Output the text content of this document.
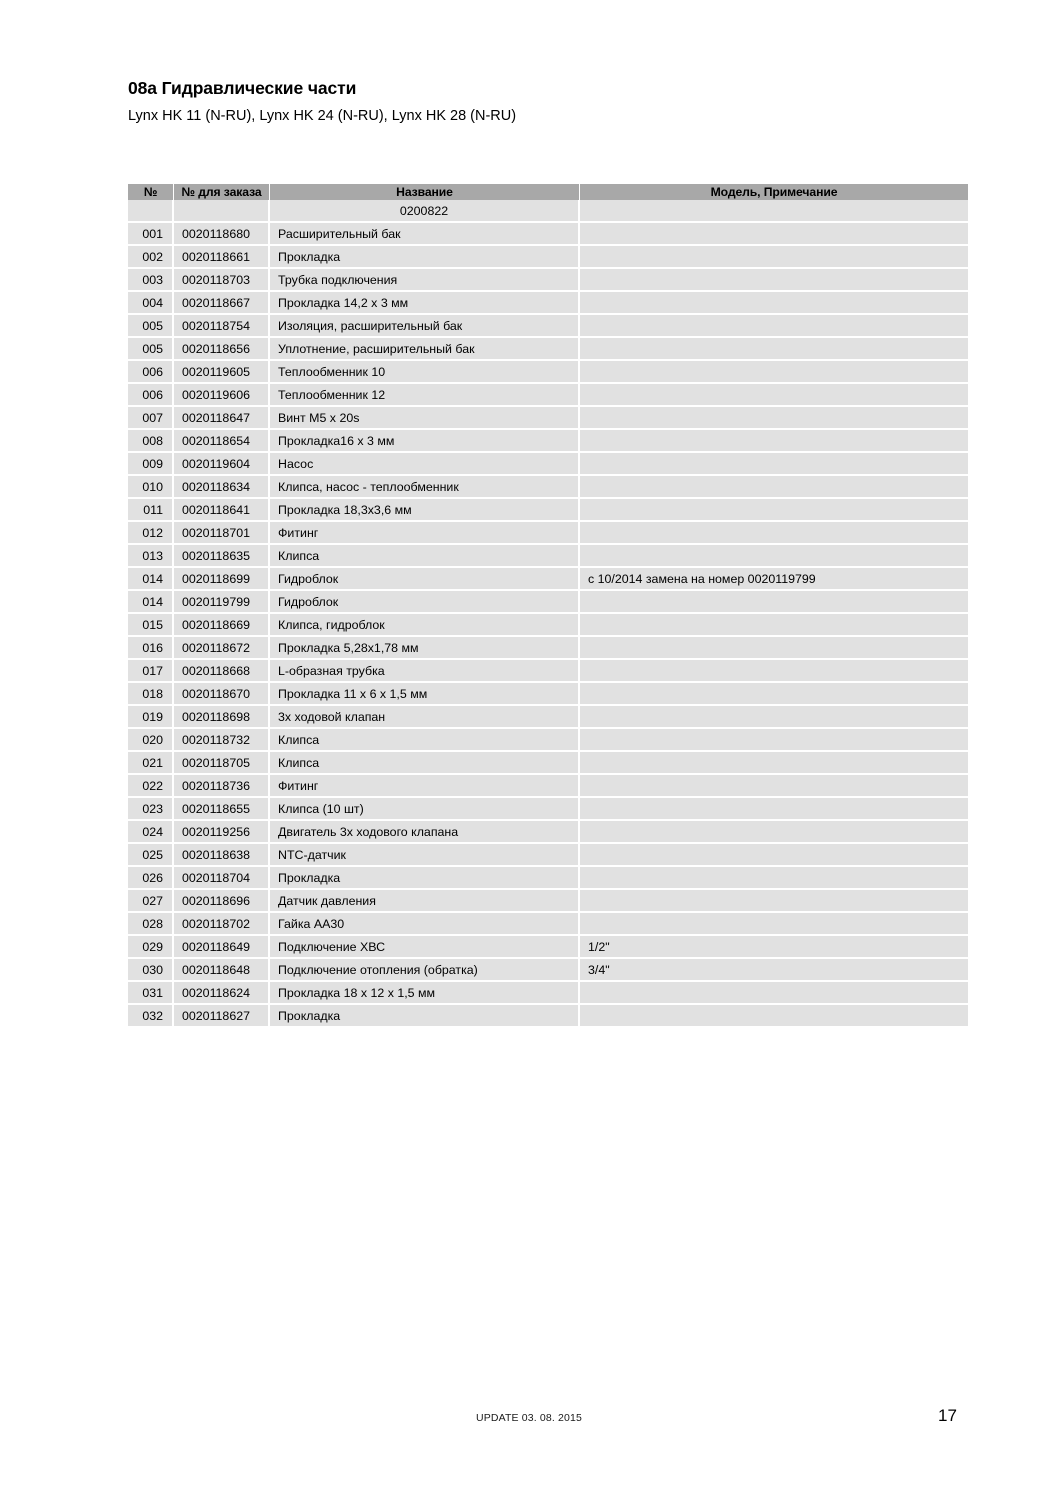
08a Гидравлические части

Lynx HK 11 (N-RU), Lynx HK 24 (N-RU), Lynx HK 28 (N-RU)

№	№ для заказа	Название	Модель, Примечание
		0200822	
001	0020118680	Расширительный бак	
002	0020118661	Прокладка	
003	0020118703	Трубка подключения	
004	0020118667	Прокладка 14,2 х 3 мм	
005	0020118754	Изоляция, расширительный бак	
005	0020118656	Уплотнение, расширительный бак	
006	0020119605	Теплообменник 10	
006	0020119606	Теплообменник 12	
007	0020118647	Винт M5 x 20s	
008	0020118654	Прокладка16 х 3 мм	
009	0020119604	Насос	
010	0020118634	Клипса, насос - теплообменник	
011	0020118641	Прокладка 18,3х3,6 мм	
012	0020118701	Фитинг	
013	0020118635	Клипса	
014	0020118699	Гидроблок	с 10/2014 замена на номер 0020119799
014	0020119799	Гидроблок	
015	0020118669	Клипса, гидроблок	
016	0020118672	Прокладка 5,28х1,78 мм	
017	0020118668	L-образная трубка	
018	0020118670	Прокладка 11 х 6 х 1,5 мм	
019	0020118698	3х ходовой клапан	
020	0020118732	Клипса	
021	0020118705	Клипса	
022	0020118736	Фитинг	
023	0020118655	Клипса (10 шт)	
024	0020119256	Двигатель 3х ходового клапана	
025	0020118638	NTC-датчик	
026	0020118704	Прокладка	
027	0020118696	Датчик давления	
028	0020118702	Гайка AA30	
029	0020118649	Подключение ХВС	1/2"
030	0020118648	Подключение отопления (обратка)	3/4"
031	0020118624	Прокладка 18 х 12 х 1,5 мм	
032	0020118627	Прокладка	
UPDATE 03. 08. 2015	17
